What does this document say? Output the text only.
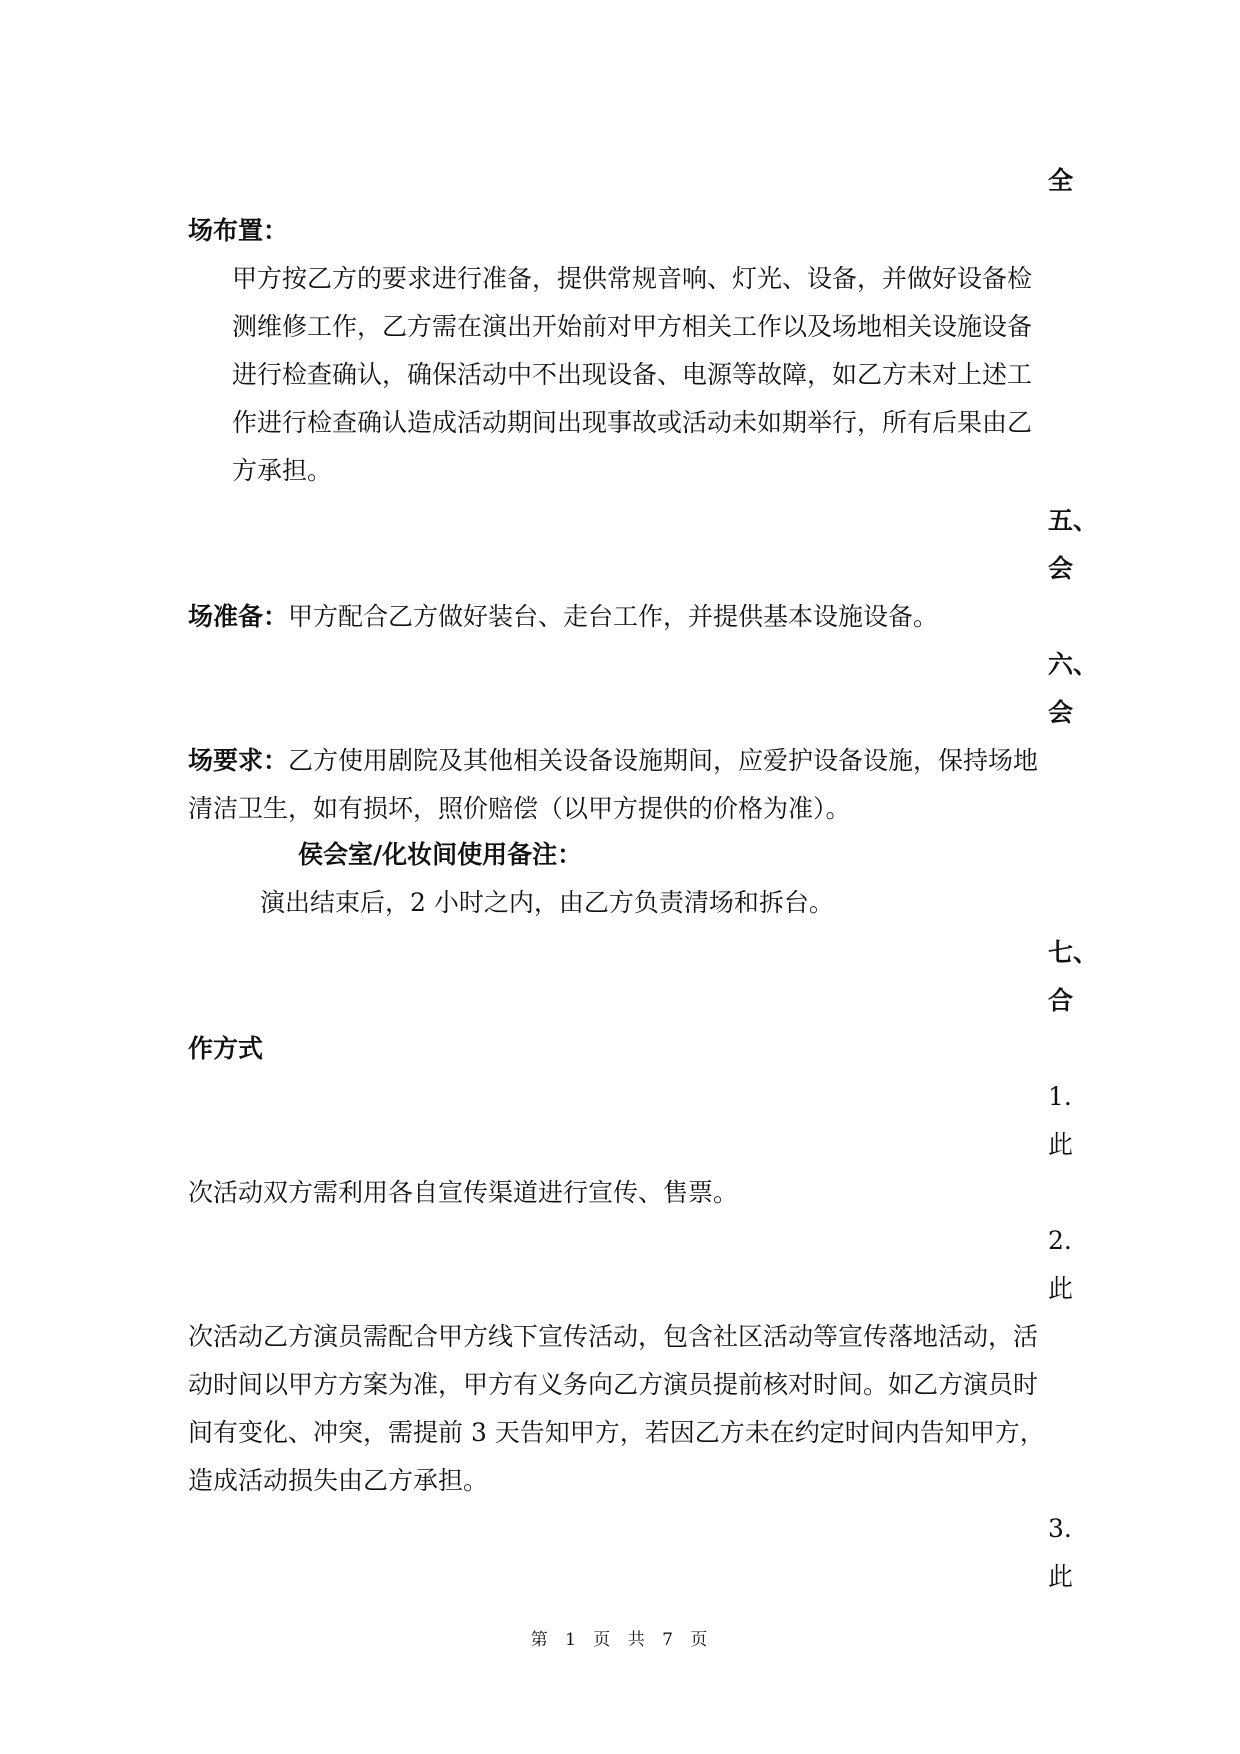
全
场布置：
甲方按乙方的要求进行准备，提供常规音响、灯光、设备，并做好设备检
测维修工作，乙方需在演出开始前对甲方相关工作以及场地相关设施设备
进行检查确认，确保活动中不出现设备、电源等故障，如乙方未对上述工
作进行检查确认造成活动期间出现事故或活动未如期举行，所有后果由乙
方承担。
五、
会
场准备：甲方配合乙方做好装台、走台工作，并提供基本设施设备。
六、
会
场要求：乙方使用剧院及其他相关设备设施期间，应爱护设备设施，保持场地
清洁卫生，如有损坏，照价赔偿（以甲方提供的价格为准）。
侯会室/化妆间使用备注：
演出结束后，2 小时之内，由乙方负责清场和拆台。
七、
合
作方式
1.
此
次活动双方需利用各自宣传渠道进行宣传、售票。
2.
此
次活动乙方演员需配合甲方线下宣传活动，包含社区活动等宣传落地活动，活
动时间以甲方方案为准，甲方有义务向乙方演员提前核对时间。如乙方演员时
间有变化、冲突，需提前 3 天告知甲方，若因乙方未在约定时间内告知甲方，
造成活动损失由乙方承担。
3.
此
第 1 页 共 7 页
